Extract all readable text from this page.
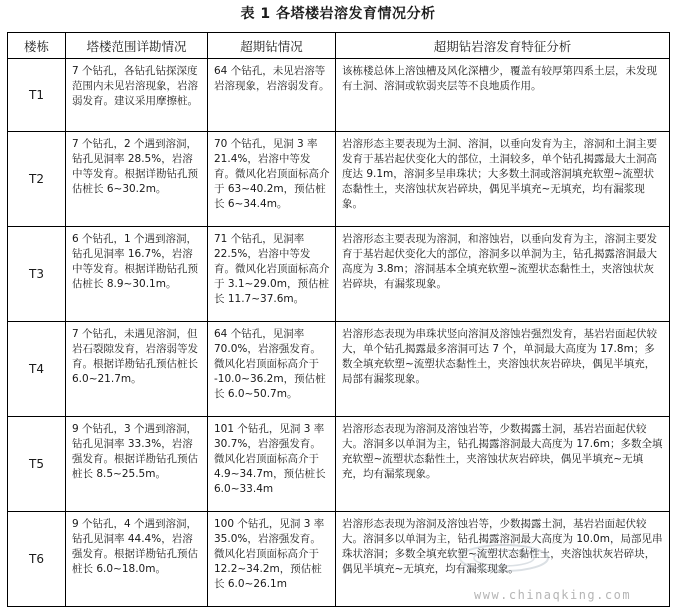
表 1 各塔楼岩溶发育情况分析
楼栋	塔楼范围详勘情况	超期钻情况	超期钻岩溶发育特征分析
T1	7 个钻孔，各钻孔钻探深度范围内未见岩溶现象，岩溶弱发育。建议采用摩擦桩。	64 个钻孔，未见岩溶等岩溶现象，岩溶弱发育。	该栋楼总体上溶蚀槽及风化深槽少，覆盖有较厚第四系土层，未发现有土洞、溶洞或软弱夹层等不良地质作用。
T2	7 个钻孔，2 个遇到溶洞，钻孔见洞率 28.5%，岩溶中等发育。根据详勘钻孔预估桩长 6~30.2m。	70 个钻孔，见洞 3 率 21.4%，岩溶中等发育。微风化岩顶面标高介于 63~40.2m，预估桩长 6~34.4m。	岩溶形态主要表现为土洞、溶洞，以垂向发育为主，溶洞和土洞主要发育于基岩起伏变化大的部位，土洞较多，单个钻孔揭露最大土洞高度达 9.1m，溶洞多呈串珠状；大多数土洞或溶洞填充软塑~流塑状态黏性土，夹溶蚀状灰岩碎块，偶见半填充~无填充，均有漏浆现象。
T3	6 个钻孔，1 个遇到溶洞，钻孔见洞率 16.7%，岩溶中等发育。根据详勘钻孔预估桩长 8.9~30.1m。	71 个钻孔，见洞率 22.5%，岩溶中等发育。微风化岩顶面标高介于 3.1~29.0m，预估桩长 11.7~37.6m。	岩溶形态主要表现为溶洞，和溶蚀岩，以垂向发育为主，溶洞主要发育于基岩起伏变化大的部位，溶洞多以单洞为主，钻孔揭露溶洞最大高度为 3.8m；溶洞基本全填充软塑~流塑状态黏性土，夹溶蚀状灰岩碎块，有漏浆现象。
T4	7 个钻孔，未遇见溶洞，但岩石裂隙发育，岩溶弱等发育。根据详勘钻孔预估桩长 6.0~21.7m。	64 个钻孔，见洞率 70.0%，岩溶强发育。微风化岩顶面标高介于 -10.0~36.2m，预估桩长 6.0~50.7m。	岩溶形态表现为串珠状竖向溶洞及溶蚀岩强烈发育，基岩岩面起伏较大，单个钻孔揭露最多溶洞可达 7 个，单洞最大高度为 17.8m；多数全填充软塑~流塑状态黏性土，夹溶蚀状灰岩碎块，偶见半填充，局部有漏浆现象。
T5	9 个钻孔，3 个遇到溶洞，钻孔见洞率 33.3%，岩溶强发育。根据详勘钻孔预估桩长 8.5~25.5m。	101 个钻孔，见洞 3 率 30.7%，岩溶强发育。微风化岩顶面标高介于 4.9~34.7m，预估桩长 6.0~33.4m	岩溶形态表现为溶洞及溶蚀岩等，少数揭露土洞，基岩岩面起伏较大。溶洞多以单洞为主，钻孔揭露溶洞最大高度为 17.6m；多数全填充软塑~流塑状态黏性土，夹溶蚀状灰岩碎块，偶见半填充~无填充，均有漏浆现象。
T6	9 个钻孔，4 个遇到溶洞，钻孔见洞率 44.4%，岩溶强发育。根据详勘钻孔预估桩长 6.0~18.0m。	100 个钻孔，见洞 3 率 35.0%，岩溶强发育。微风化岩顶面标高介于 12.2~34.2m，预估桩长 6.0~26.1m	岩溶形态表现为溶洞及溶蚀岩等，少数揭露土洞，基岩岩面起伏较大。溶洞多以单洞为主，钻孔揭露溶洞最大高度为 10.0m，局部见串珠状溶洞；多数全填充软塑~流塑状态黏性土，夹溶蚀状灰岩碎块，偶见半填充~无填充，均有漏浆现象。
www.chinaqking.com
